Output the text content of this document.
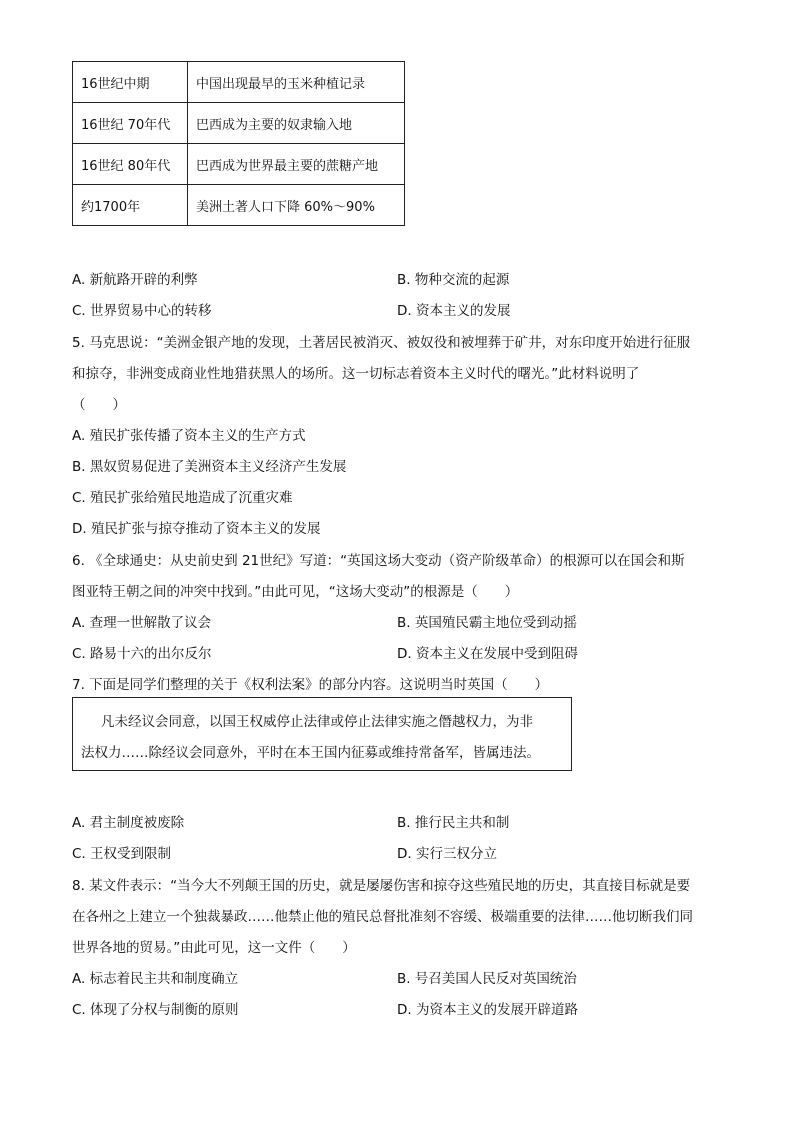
16世纪中期	中国出现最早的玉米种植记录
16世纪 70年代	巴西成为主要的奴隶输入地
16世纪 80年代	巴西成为世界最主要的蔗糖产地
约1700年	美洲土著人口下降 60%～90%
A. 新航路开辟的利弊	B. 物种交流的起源
C. 世界贸易中心的转移	D. 资本主义的发展
5. 马克思说：“美洲金银产地的发现，土著居民被消灭、被奴役和被埋葬于矿井，对东印度开始进行征服
和掠夺，非洲变成商业性地猎获黑人的场所。这一切标志着资本主义时代的曙光。”此材料说明了
（　　）
A. 殖民扩张传播了资本主义的生产方式
B. 黑奴贸易促进了美洲资本主义经济产生发展
C. 殖民扩张给殖民地造成了沉重灾难
D. 殖民扩张与掠夺推动了资本主义的发展
6. 《全球通史：从史前史到 21世纪》写道：“英国这场大变动（资产阶级革命）的根源可以在国会和斯
图亚特王朝之间的冲突中找到。”由此可见，“这场大变动”的根源是（　　）
A. 查理一世解散了议会	B. 英国殖民霸主地位受到动摇
C. 路易十六的出尔反尔	D. 资本主义在发展中受到阻碍
7. 下面是同学们整理的关于《权利法案》的部分内容。这说明当时英国（　　）
凡未经议会同意，以国王权威停止法律或停止法律实施之僭越权力，为非
法权力……除经议会同意外，平时在本王国内征募或维持常备军，皆属违法。
A. 君主制度被废除	B. 推行民主共和制
C. 王权受到限制	D. 实行三权分立
8. 某文件表示：“当今大不列颠王国的历史，就是屡屡伤害和掠夺这些殖民地的历史，其直接目标就是要
在各州之上建立一个独裁暴政……他禁止他的殖民总督批准刻不容缓、极端重要的法律……他切断我们同
世界各地的贸易。”由此可见，这一文件（　　）
A. 标志着民主共和制度确立	B. 号召美国人民反对英国统治
C. 体现了分权与制衡的原则	D. 为资本主义的发展开辟道路
